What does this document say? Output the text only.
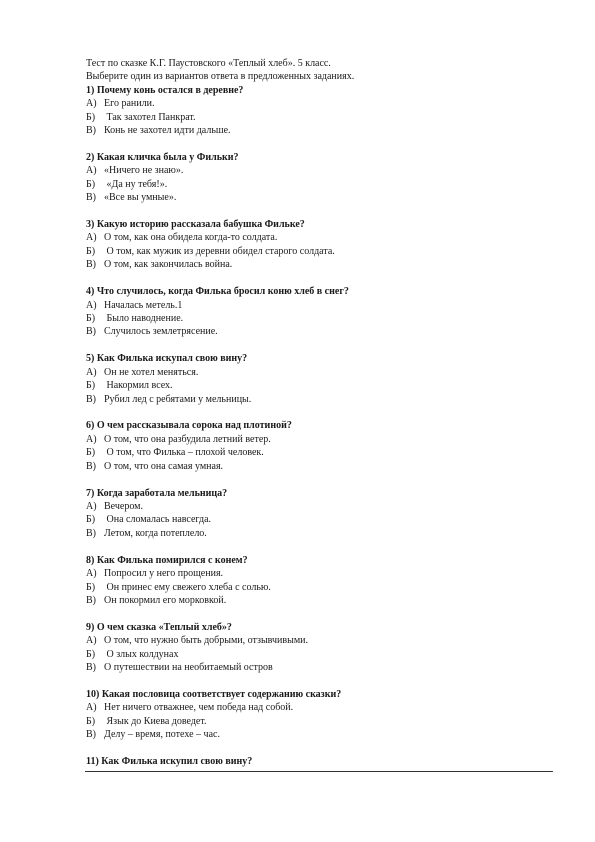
Тест по сказке К.Г. Паустовского «Теплый хлеб». 5 класс.
Выберите один из вариантов ответа в предложенных заданиях.
1) Почему конь остался в деревне?
А) Его ранили.
Б) Так захотел Панкрат.
В) Конь не захотел идти дальше.
2) Какая кличка была у Фильки?
А) «Ничего не знаю».
Б) «Да ну тебя!».
В) «Все вы умные».
3) Какую историю рассказала бабушка Фильке?
А) О том, как она обидела когда-то солдата.
Б) О том, как мужик из деревни обидел старого солдата.
В) О том, как закончилась война.
4) Что случилось, когда Филька бросил коню хлеб в снег?
А) Началась метель.1
Б) Было наводнение.
В) Случилось землетрясение.
5) Как Филька искупал свою вину?
А) Он не хотел меняться.
Б) Накормил всех.
В) Рубил лед с ребятами у мельницы.
6) О чем рассказывала сорока над плотиной?
А) О том, что она разбудила летний ветер.
Б) О том, что Филька – плохой человек.
В) О том, что она самая умная.
7) Когда заработала мельница?
А) Вечером.
Б) Она сломалась навсегда.
В) Летом, когда потеплело.
8) Как Филька помирился с конем?
А) Попросил у него прощения.
Б) Он принес ему свежего хлеба с солью.
В) Он покормил его морковкой.
9) О чем сказка «Теплый хлеб»?
А) О том, что нужно быть добрыми, отзывчивыми.
Б) О злых колдунах
В) О путешествии на необитаемый остров
10) Какая пословица соответствует содержанию сказки?
А) Нет ничего отважнее, чем победа над собой.
Б) Язык до Киева доведет.
В) Делу – время, потехе – час.
11) Как Филька искупил свою вину?
